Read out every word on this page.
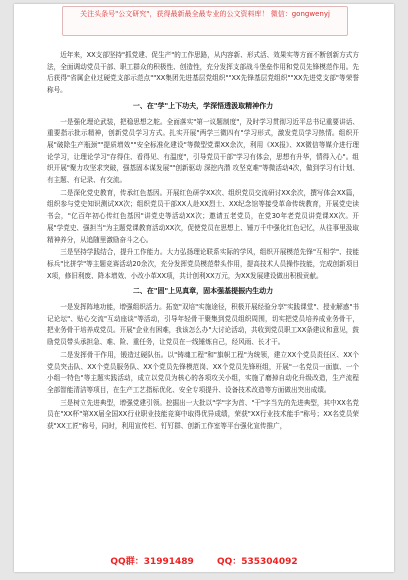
关注头条号"公文研究"，获得最新最全最专业的公文资料库！ 微信：gongwenyj
近年来，XX支部坚持"抓党建、促生产"的工作思路，从内容新、形式活、效果实等方面不断创新方式方法，全面调动党员干部、职工群众的积极性、创造性，充分发挥支部战斗堡垒作用和党员先锋模范作用。先后获得"省属企业过硬党支部示范点""XX集团先进基层党组织""XX先锋基层党组织""XX先进党支部"等荣誉称号。
一、在"学"上下功夫，学深悟透汲取精神作力
一是强化理论武装，把稳思想之舵。全面落实"第一议题制度"，及时学习贯彻习近平总书记重要讲话、重要指示批示精神，创新党员学习方式。扎实开展"两学三微四有"学习形式，激发党员学习热情。组织开展"破除生产瓶颈""提质增效""安全标准化建设"等微型党课XX余次，利用《XX报》、XX微信等媒介进行理论学习，让理论学习"存得住、看得见、有温度"，引导党员干部"学习有体会，思想有升华，情得入心"。组织开展"聚力攻坚求突破，强基固本谋发展""创新驱动 深挖内潜 攻坚克难"等微活动4次，做到学习有计划、有主题、有记录、有交流。
二是深化党史教育，传承红色基因。开展红色研学XX次、组织党员交流研讨XX余次，撰写体会XX篇，组织参与党史知识测试XX次；组织党员干部XX人赴XX烈士、XX纪念馆等接受革命传统教育，开展党史读书会，"亿百年初心传红色基因"讲党史等活动XX次；邀请五老党员，在党30年老党员讲党课XX次。开展"学党史、强担当"为主题党课教育活动XX次，促使党员在思想上、锤万千中强化红色记忆，从往事里汲取精神养分，从追随里激励奋斗之心。
三是坚持学践结合，提升工作能力。大力弘扬理论联系实际的学风，组织开展模范先锋"互相学"、技能标兵"比拼学"等主题竞赛活动20余次，充分发挥党员模范带头作用，提高技术人员操作技能，完成创新项目X项，修旧利废、降本增效、小改小革XX项，共计创利XX万元，为XX发展建设做出积极贡献。
二、在"固"上见真章，固本强基提振内生动力
一是发挥阵地功能，增强组织活力。拓宽"双培"实施途径，积极开展经验分享"实践课堂"、授业解惑"书记论坛"、贴心交流"互动座谈"等活动，引导年轻骨干聚集到党员组织周围，切实把党员培养成业务骨干，把业务骨干培养成党员。开展"企业有困难，我该怎么办"大讨论活动，共收到党员职工XX条建议和意见，鼓励党员带头承担急、难、险、重任务，让党员在一线锤炼自己，经风雨、长才干。
二是发挥骨干作用，锻造过硬队伍。以"铸魂工程"和"旗帜工程"为统领，建立XX个党员责任区、XX个党员突击队、XX个党员服务队、XX个党员先锋模范岗、XX个党员先锋班组，开展"一名党员一面旗、一个小组一特色"等主题实践活动，成立以党员为核心的各项攻关小组，实施了磨掉自动化升级改造，生产流程全部智能清洁等项目，在生产工艺指标优化、安全专项提升、设备技术改造等方面做出突出成绩。
三是树立先进典型，增强党建引领。挖掘出一大批以"学"字为首、"干"字当先的先进典型，其中XX名党员在"XX杯"第XX届全国XX行业职业技能竞赛中取得优异成绩，荣获"XX行业技术能手"称号；XX名党员荣获"XX工匠"称号，同时，利用宣传栏、钉钉群、创新工作室等平台强化宣传推广，
QQ群：31991489	QQ：535304092
